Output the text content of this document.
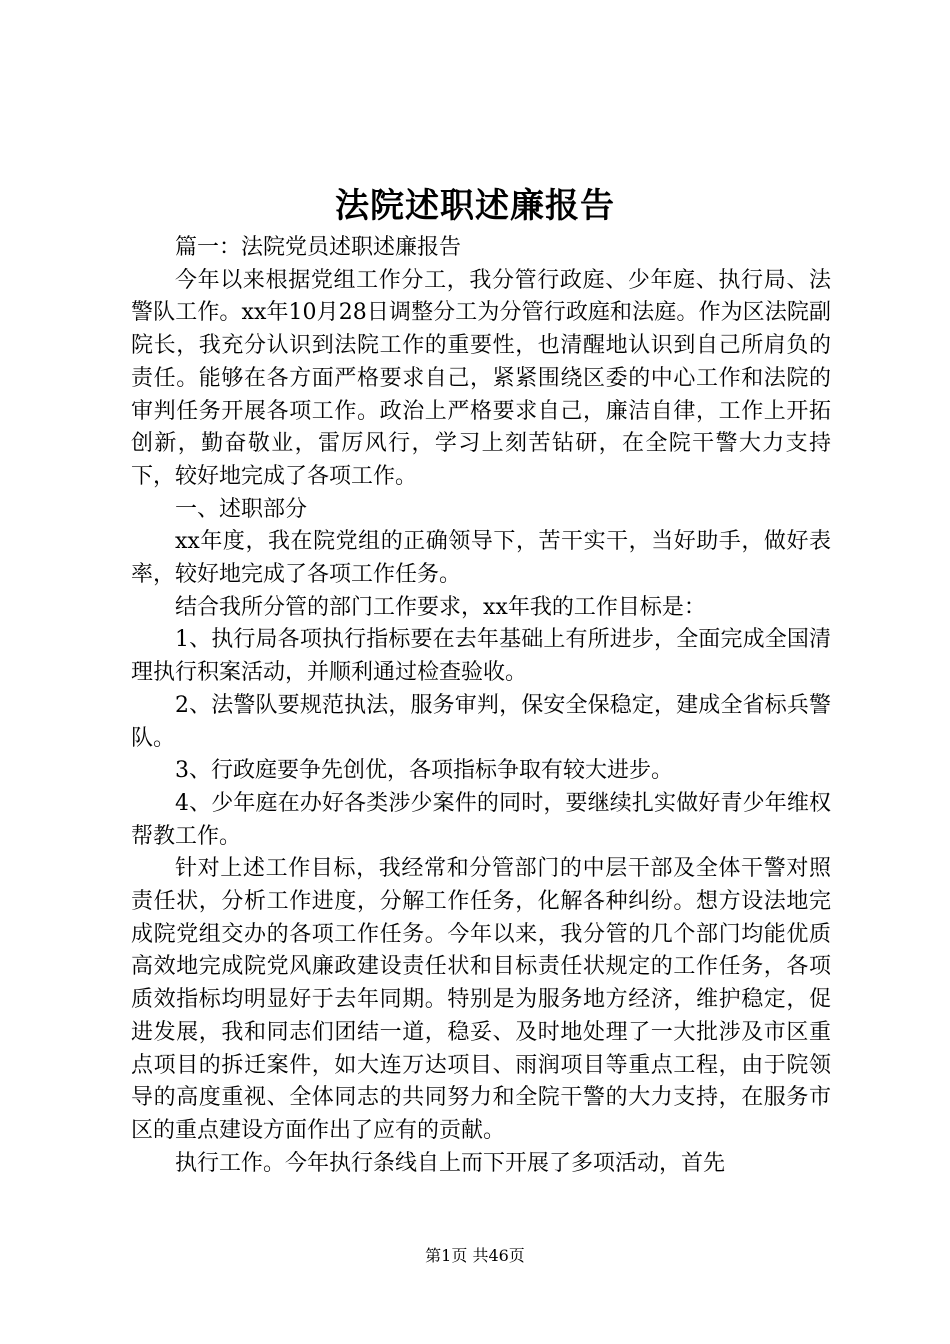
法院述职述廉报告

篇一：法院党员述职述廉报告

今年以来根据党组工作分工，我分管行政庭、少年庭、执行局、法警队工作。xx年10月28日调整分工为分管行政庭和法庭。作为区法院副院长，我充分认识到法院工作的重要性，也清醒地认识到自己所肩负的责任。能够在各方面严格要求自己，紧紧围绕区委的中心工作和法院的审判任务开展各项工作。政治上严格要求自己，廉洁自律，工作上开拓创新，勤奋敬业，雷厉风行，学习上刻苦钻研，在全院干警大力支持下，较好地完成了各项工作。

一、述职部分

xx年度，我在院党组的正确领导下，苦干实干，当好助手，做好表率，较好地完成了各项工作任务。

结合我所分管的部门工作要求，xx年我的工作目标是：

1、执行局各项执行指标要在去年基础上有所进步，全面完成全国清理执行积案活动，并顺利通过检查验收。

2、法警队要规范执法，服务审判，保安全保稳定，建成全省标兵警队。

3、行政庭要争先创优，各项指标争取有较大进步。

4、少年庭在办好各类涉少案件的同时，要继续扎实做好青少年维权帮教工作。

针对上述工作目标，我经常和分管部门的中层干部及全体干警对照责任状，分析工作进度，分解工作任务，化解各种纠纷。想方设法地完成院党组交办的各项工作任务。今年以来，我分管的几个部门均能优质高效地完成院党风廉政建设责任状和目标责任状规定的工作任务，各项质效指标均明显好于去年同期。特别是为服务地方经济，维护稳定，促进发展，我和同志们团结一道，稳妥、及时地处理了一大批涉及市区重点项目的拆迁案件，如大连万达项目、雨润项目等重点工程，由于院领导的高度重视、全体同志的共同努力和全院干警的大力支持，在服务市区的重点建设方面作出了应有的贡献。

执行工作。今年执行条线自上而下开展了多项活动，首先

第1页 共46页
